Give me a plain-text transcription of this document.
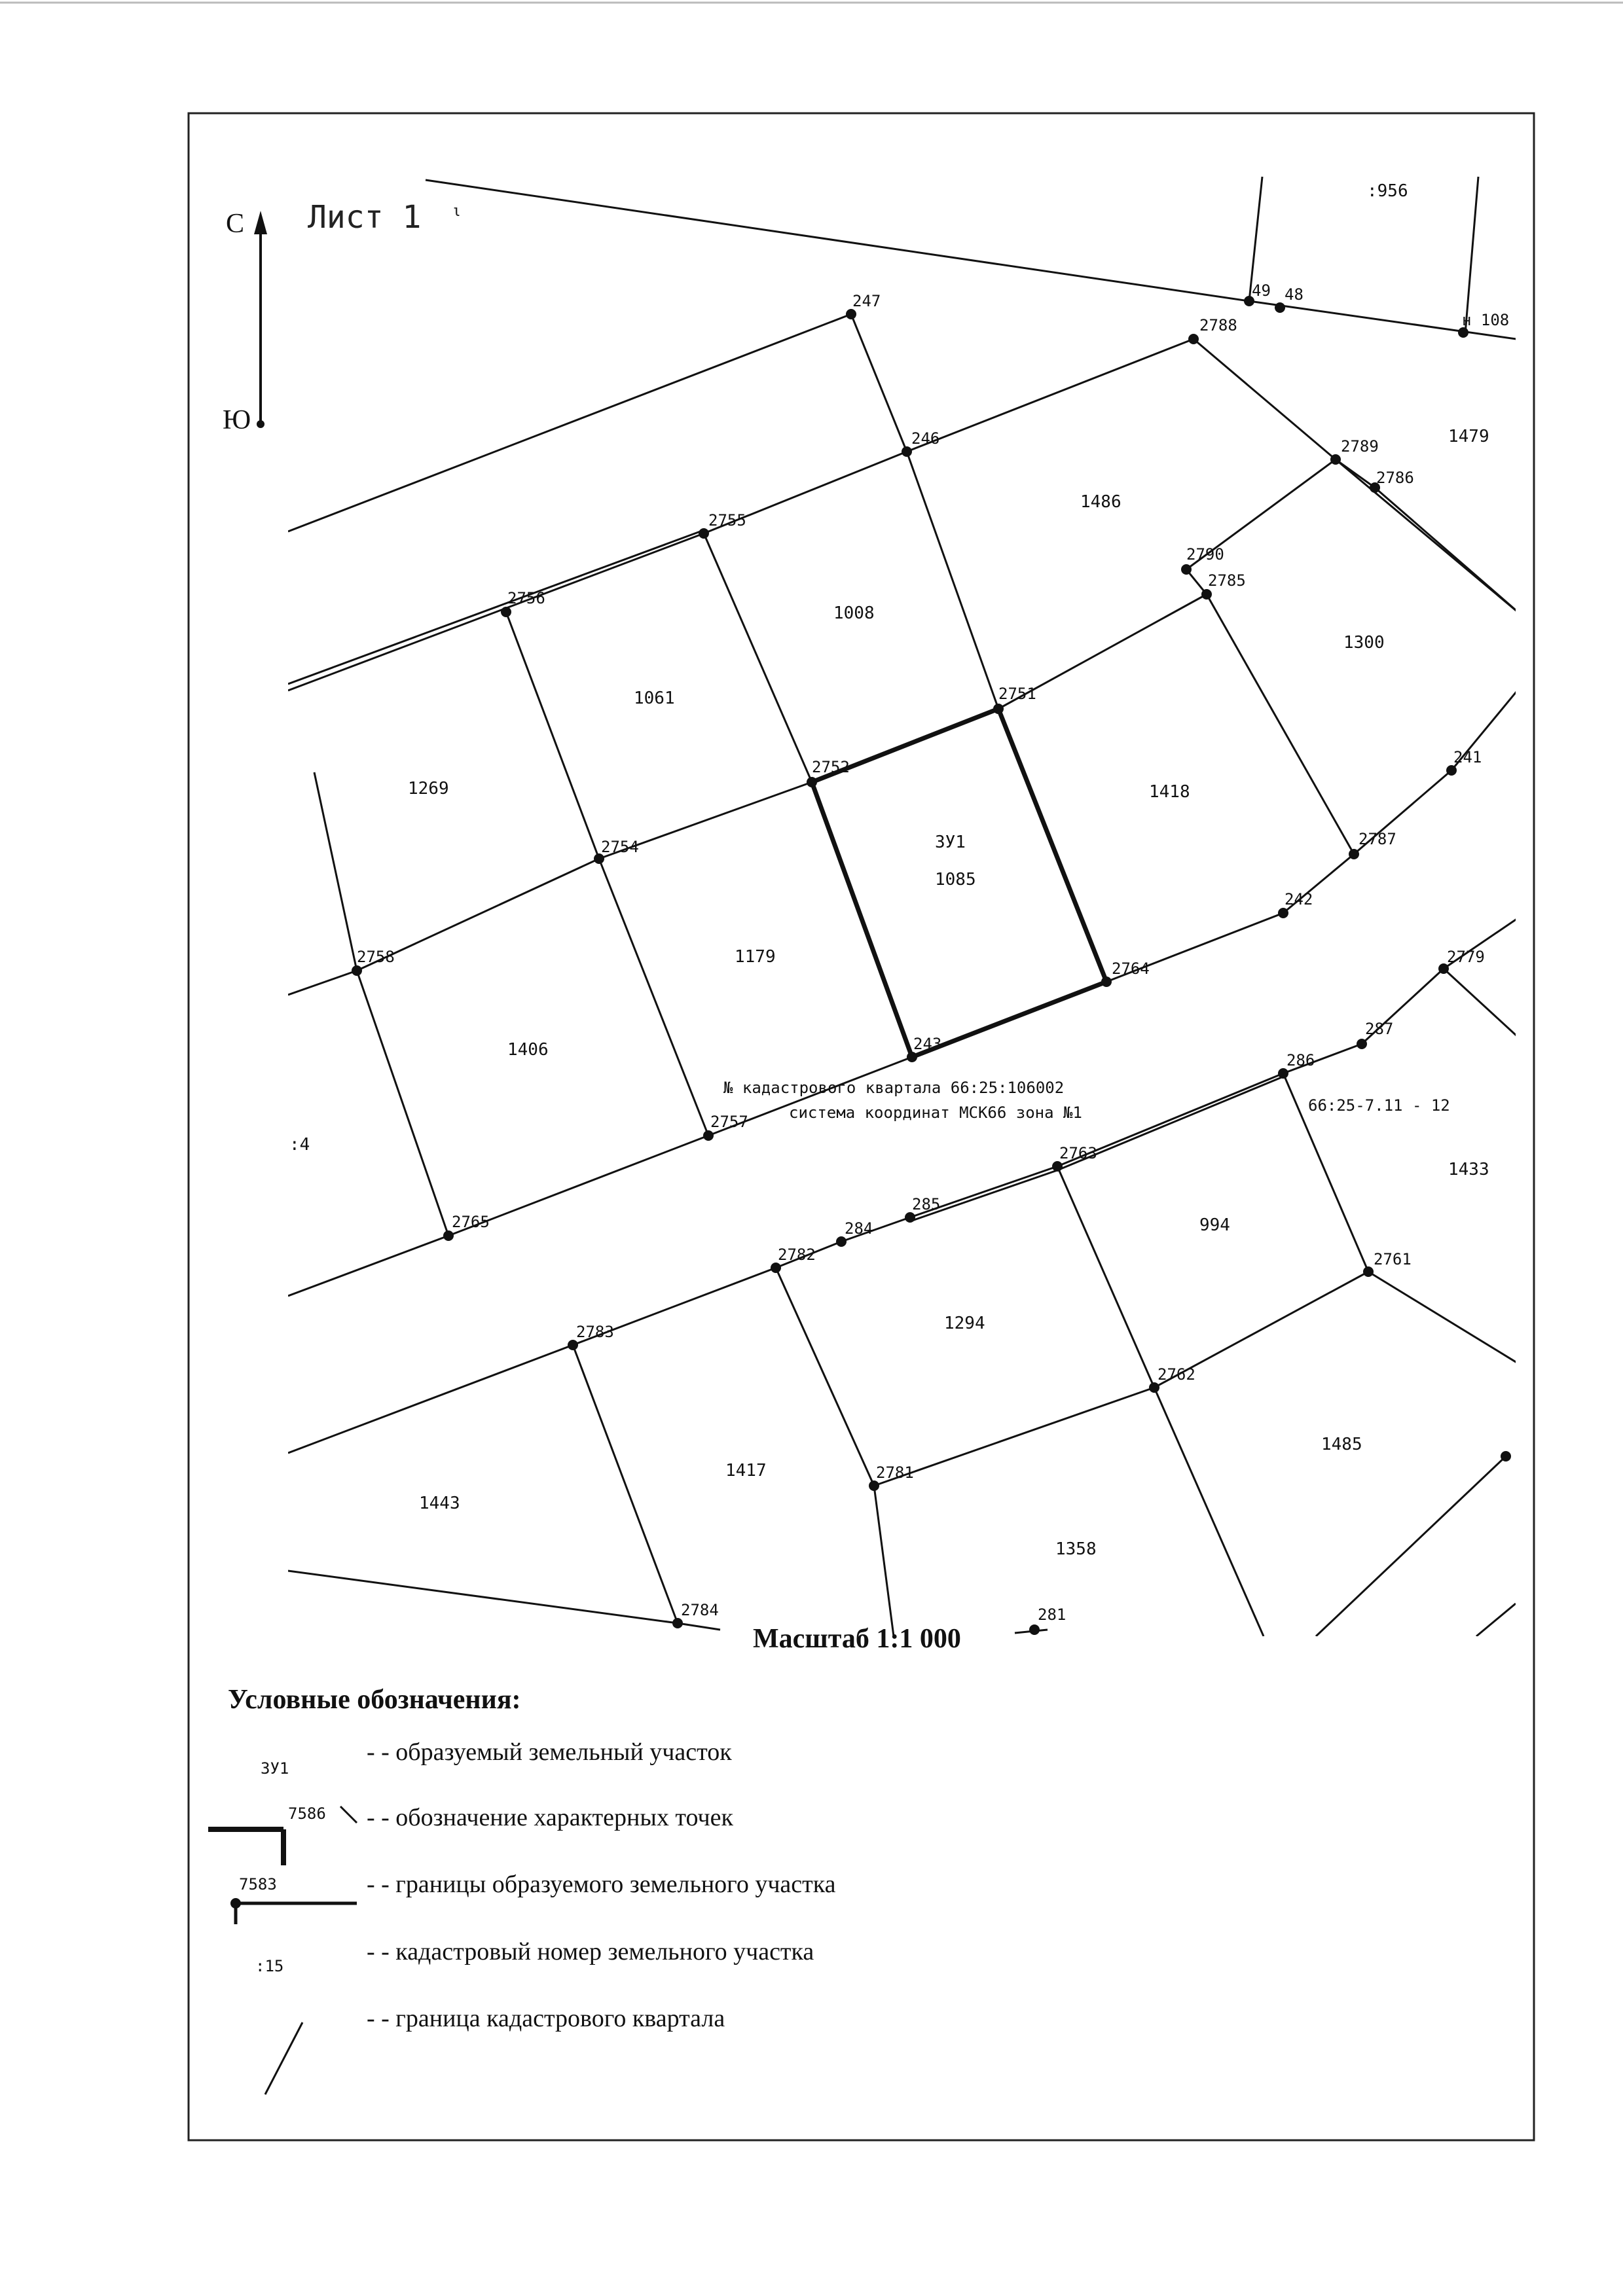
Лист 1 ι
С
Ю
247
246
2788
49 48
н 108
2789
2786
2755
2756
2790
2785
2751
2752
241
2754	2787
242
2758
2764
2779
243
287
286
2757
2763
285
2765	284
2782	2761
2783
2762
2781
2784	281
:956
1479
1486
1300
1008
1061
1269	1418
ЗУ1
1085
1179
1406
:4
1433
994
1294
1485
1417
1443
1358
№ кадастрового квартала 66:25:106002
система координат МСК66 зона №1	66:25-7.11 - 12
Масштаб 1:1 000
Условные обозначения:
ЗУ1
- - образуемый земельный участок
7586 - - обозначение характерных точек
7583	- - границы образуемого земельного участка
:15
- - кадастровый номер земельного участка
- - граница кадастрового квартала
